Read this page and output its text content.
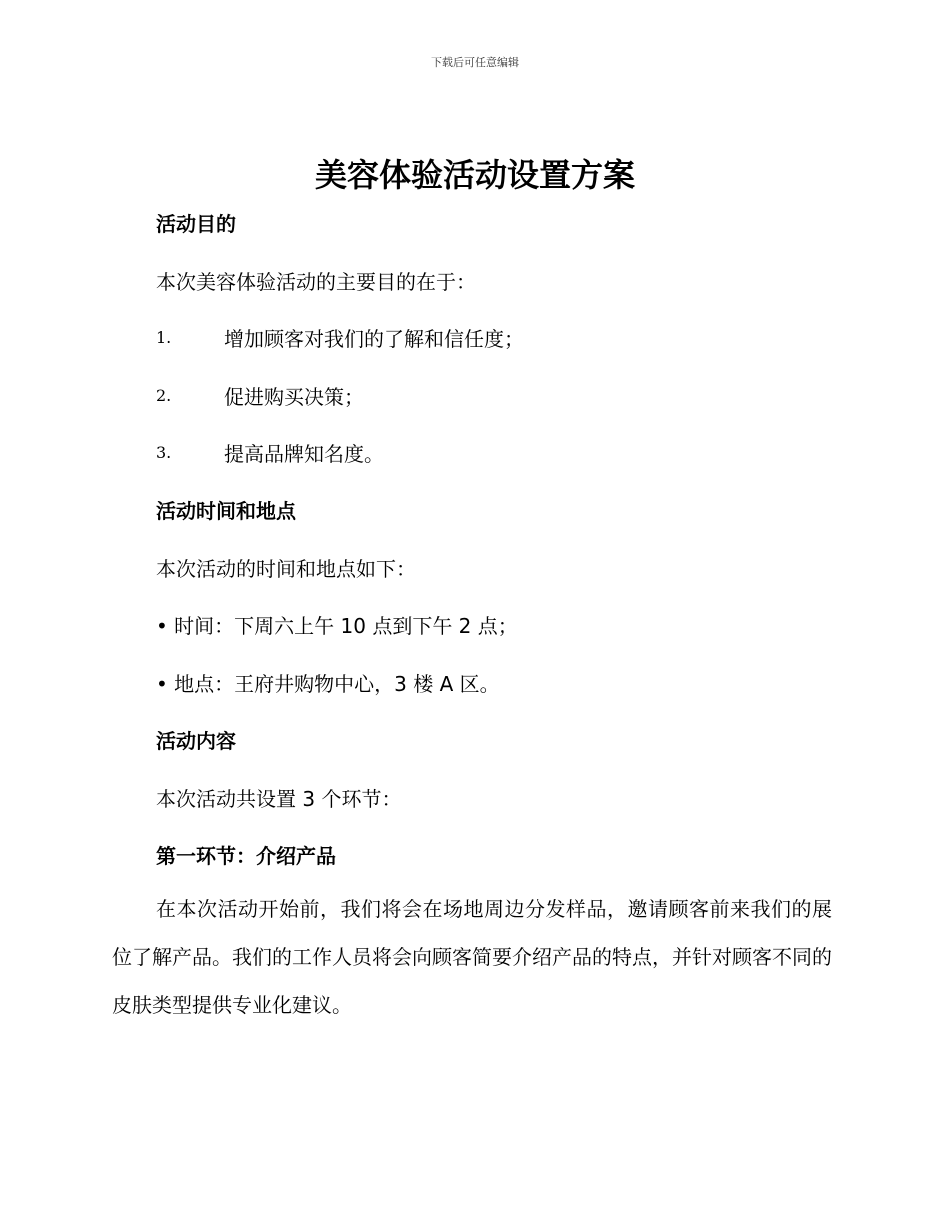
下载后可任意编辑
美容体验活动设置方案
活动目的
本次美容体验活动的主要目的在于：
1.	增加顾客对我们的了解和信任度；
2.	促进购买决策；
3.	提高品牌知名度。
活动时间和地点
本次活动的时间和地点如下：
• 时间：下周六上午 10 点到下午 2 点；
• 地点：王府井购物中心，3 楼 A 区。
活动内容
本次活动共设置 3 个环节：
第一环节：介绍产品
在本次活动开始前，我们将会在场地周边分发样品，邀请顾客前来我们的展位了解产品。我们的工作人员将会向顾客简要介绍产品的特点，并针对顾客不同的皮肤类型提供专业化建议。
